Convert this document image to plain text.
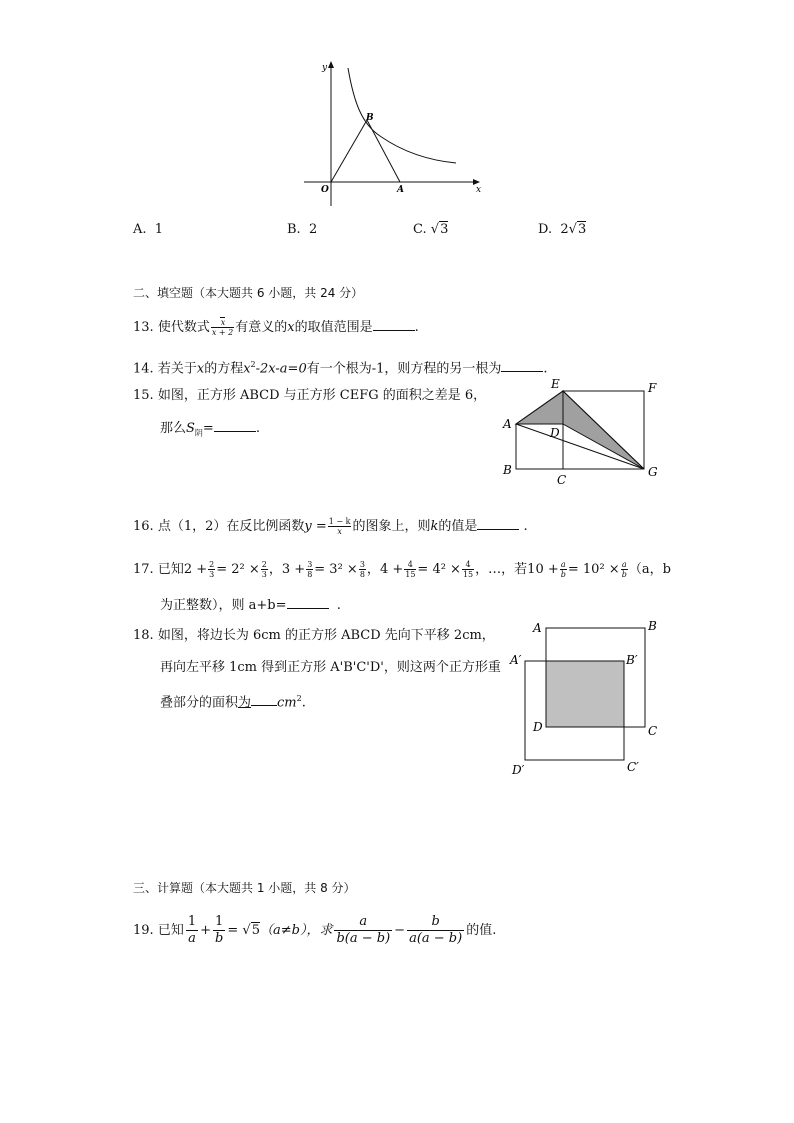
y
x
O	A
B
A. 1	B. 2	C. √3	D. 2√3
二、填空题（本大题共 6 小题，共 24 分）
13. 使代数式 $\frac{x}{x + 2}$ 有意义的x的取值范围是	.
14. 若关于x的方程$x^2-2x-a=0$有一个根为-1，则方程的另一根为	.
15. 如图，正方形 ABCD 与正方形 CEFG 的面积之差是 6，
那么$S_阴=$	.	A
B
C
D
E	F
G
16. 点（1，2）在反比例函数$y = \frac{1 - k}{x}$ 的图象上，则k的值是	.
17. 已知$2 + \frac{2}{3} = 2^2 \times \frac{2}{3}$ ，$3 + \frac{3}{8} = 3^2 \times \frac{3}{8}$ ，$4 + \frac{4}{15} = 4^2 \times \frac{4}{15}$ ，…，若$10 + \frac{a}{b} = 10^2 \times \frac{a}{b} (a$，b
为正整数），则 a+b=	.
18. 如图，将边长为 6cm 的正方形 ABCD 先向下平移 2cm，
再向左平移 1cm 得到正方形 A'B'C'D'，则这两个正方形重
叠部分的面积为 $cm^2$.
A	B
C
D
A′	B′
C′
D′
三、计算题（本大题共 1 小题，共 8 分）
19. 已知 $\frac{1}{a} + \frac{1}{b} = √5(a\ne b)$，求 $\frac{a}{b(a - b)} - \frac{b}{a(a - b)}$ 的值.
